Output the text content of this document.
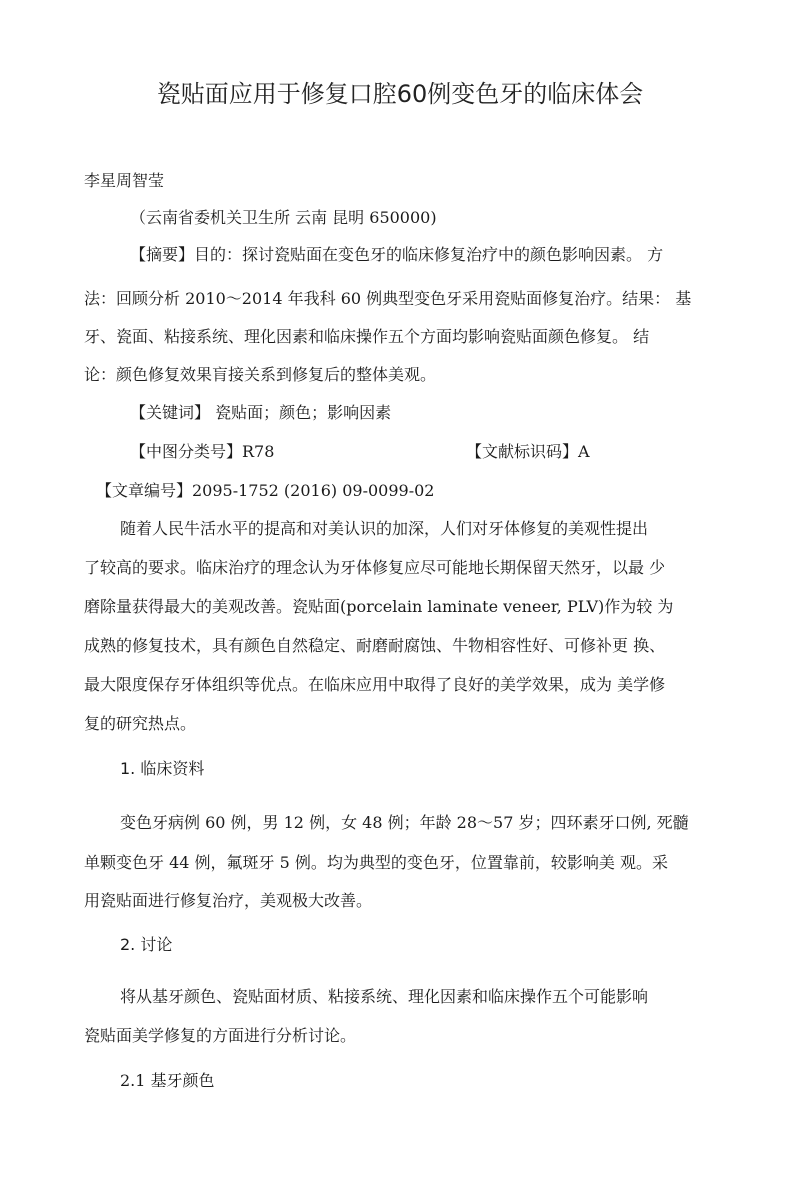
瓷贴面应用于修复口腔60例变色牙的临床体会
李星周智莹
（云南省委机关卫生所 云南 昆明 650000)
【摘要】目的：探讨瓷贴面在变色牙的临床修复治疗中的颜色影响因素。 方
法：回顾分析 2010～2014 年我科 60 例典型变色牙采用瓷贴面修复治疗。结果： 基
牙、瓷面、粘接系统、理化因素和临床操作五个方面均影响瓷贴面颜色修复。 结
论：颜色修复效果肓接关系到修复后的整体美观。
【关键词】 瓷贴面；颜色；影响因素
【中图分类号】R78	【文献标识码】A
【文章编号】2095-1752 (2016) 09-0099-02
随着人民牛活水平的提高和对美认识的加深，人们对牙体修复的美观性提出
了较高的要求。临床治疗的理念认为牙体修复应尽可能地长期保留天然牙，以最 少
磨除量获得最大的美观改善。瓷贴面(porcelain laminate veneer, PLV)作为较 为
成熟的修复技术，具有颜色自然稳定、耐磨耐腐蚀、牛物相容性好、可修补更 换、
最大限度保存牙体组织等优点。在临床应用中取得了良好的美学效果，成为 美学修
复的研究热点。
1. 临床资料
变色牙病例 60 例，男 12 例，女 48 例；年龄 28～57 岁；四环素牙口例, 死髓
单颗变色牙 44 例，氟斑牙 5 例。均为典型的变色牙，位置靠前，较影响美 观。采
用瓷贴面进行修复治疗，美观极大改善。
2. 讨论
将从基牙颜色、瓷贴面材质、粘接系统、理化因素和临床操作五个可能影响
瓷贴面美学修复的方面进行分析讨论。
2.1 基牙颜色
